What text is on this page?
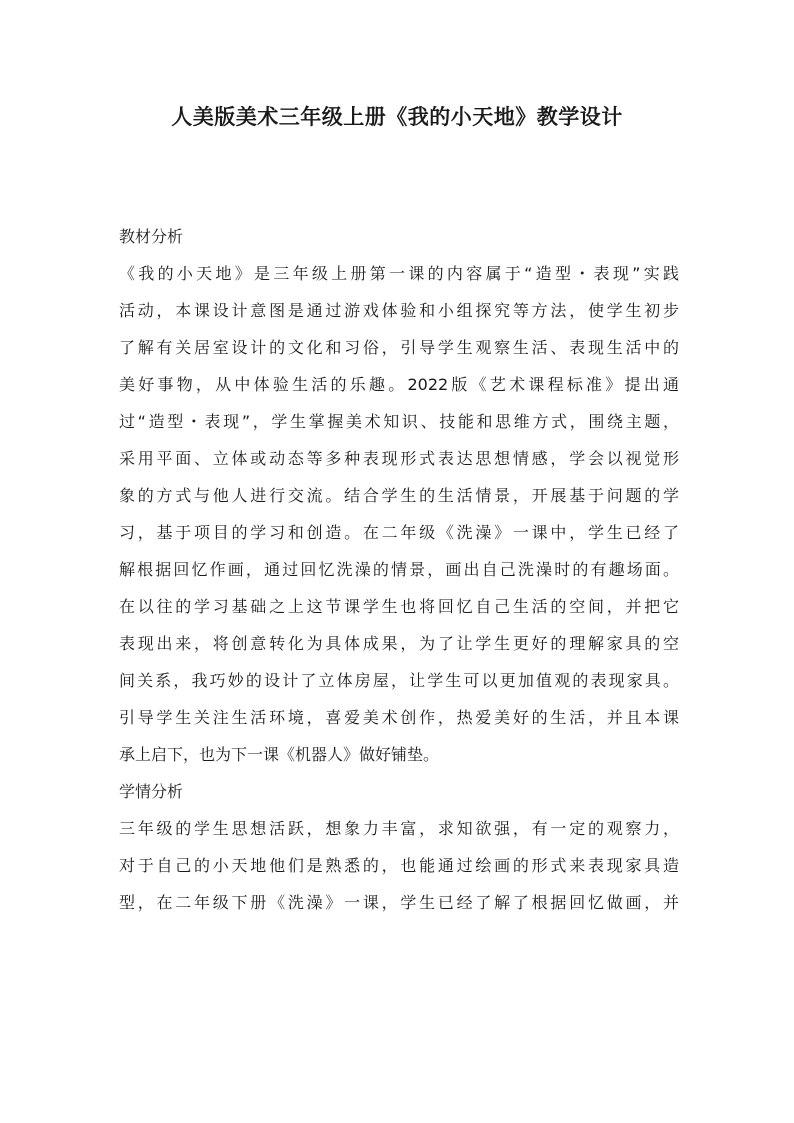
人美版美术三年级上册《我的小天地》教学设计
教材分析
《我的小天地》是三年级上册第一课的内容属于“造型・表现”实践
活动，本课设计意图是通过游戏体验和小组探究等方法，使学生初步
了解有关居室设计的文化和习俗，引导学生观察生活、表现生活中的
美好事物，从中体验生活的乐趣。2022版《艺术课程标准》提出通
过“造型・表现”，学生掌握美术知识、技能和思维方式，围绕主题，
采用平面、立体或动态等多种表现形式表达思想情感，学会以视觉形
象的方式与他人进行交流。结合学生的生活情景，开展基于问题的学
习，基于项目的学习和创造。在二年级《洗澡》一课中，学生已经了
解根据回忆作画，通过回忆洗澡的情景，画出自己洗澡时的有趣场面。
在以往的学习基础之上这节课学生也将回忆自己生活的空间，并把它
表现出来，将创意转化为具体成果，为了让学生更好的理解家具的空
间关系，我巧妙的设计了立体房屋，让学生可以更加值观的表现家具。
引导学生关注生活环境，喜爱美术创作，热爱美好的生活，并且本课
承上启下，也为下一课《机器人》做好铺垫。
学情分析
三年级的学生思想活跃，想象力丰富，求知欲强，有一定的观察力，
对于自己的小天地他们是熟悉的，也能通过绘画的形式来表现家具造
型，在二年级下册《洗澡》一课，学生已经了解了根据回忆做画，并
